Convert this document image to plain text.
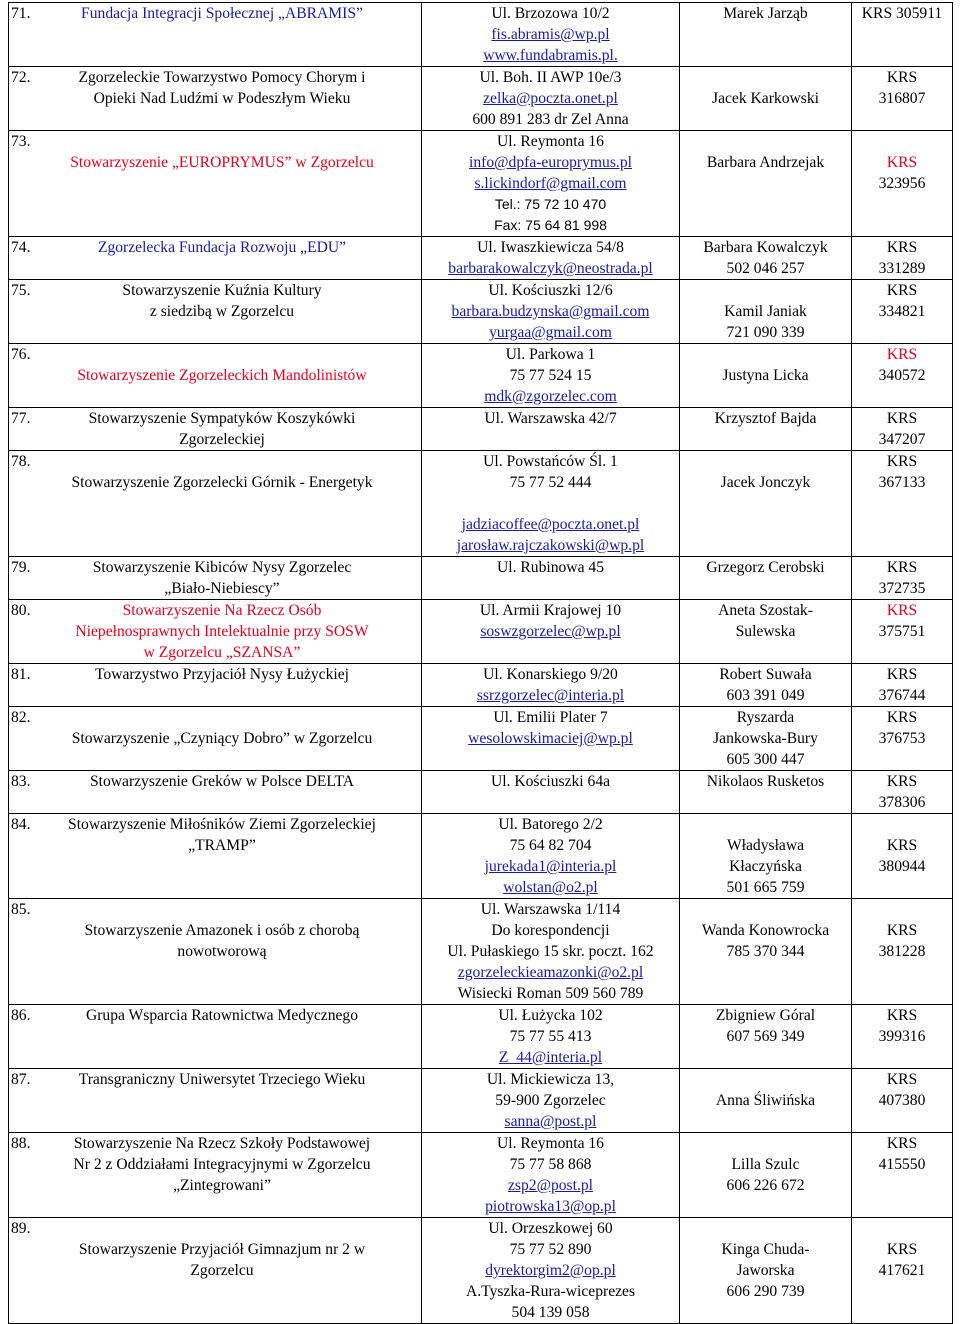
71. Fundacja Integracji Społecznej „ABRAMIS”	Ul. Brzozowa 10/2
fis.abramis@wp.pl
www.fundabramis.pl.	Marek Jarząb	KRS 305911

72. Zgorzeleckie Towarzystwo Pomocy Chorym i
Opieki Nad Ludźmi w Podeszłym Wieku	Ul. Boh. II AWP 10e/3
zelka@poczta.onet.pl
600 891 283 dr Zel Anna	Jacek Karkowski	KRS
316807

73.
Stowarzyszenie „EUROPRYMUS” w Zgorzelcu	Ul. Reymonta 16
info@dpfa-europrymus.pl
s.lickindorf@gmail.com
Tel.: 75 72 10 470
Fax: 75 64 81 998	Barbara Andrzejak	KRS
323956

74. Zgorzelecka Fundacja Rozwoju „EDU”	Ul. Iwaszkiewicza 54/8
barbarakowalczyk@neostrada.pl	Barbara Kowalczyk
502 046 257	KRS
331289

75. Stowarzyszenie Kuźnia Kultury
z siedzibą w Zgorzelcu	Ul. Kościuszki 12/6
barbara.budzynska@gmail.com
yurgaa@gmail.com	Kamil Janiak
721 090 339	KRS
334821

76.
Stowarzyszenie Zgorzeleckich Mandolinistów	Ul. Parkowa 1
75 77 524 15
mdk@zgorzelec.com	Justyna Licka	KRS
340572

77. Stowarzyszenie Sympatyków Koszykówki
Zgorzeleckiej	Ul. Warszawska 42/7	Krzysztof Bajda	KRS
347207

78.
Stowarzyszenie Zgorzelecki Górnik - Energetyk	Ul. Powstańców Śl. 1
75 77 52 444
jadziacoffee@poczta.onet.pl
jarosław.rajczakowski@wp.pl	Jacek Jonczyk	KRS
367133

79. Stowarzyszenie Kibiców Nysy Zgorzelec
„Biało-Niebiescy”	Ul. Rubinowa 45	Grzegorz Cerobski	KRS
372735

80. Stowarzyszenie Na Rzecz Osób
Niepełnosprawnych Intelektualnie przy SOSW
w Zgorzelcu „SZANSA”	Ul. Armii Krajowej 10
soswzgorzelec@wp.pl	Aneta Szostak-
Sulewska	KRS
375751

81. Towarzystwo Przyjaciół Nysy Łużyckiej	Ul. Konarskiego 9/20
ssrzgorzelec@interia.pl	Robert Suwała
603 391 049	KRS
376744

82.
Stowarzyszenie „Czyniący Dobro” w Zgorzelcu	Ul. Emilii Plater 7
wesolowskimaciej@wp.pl	Ryszarda
Jankowska-Bury
605 300 447	KRS
376753

83. Stowarzyszenie Greków w Polsce DELTA	Ul. Kościuszki 64a	Nikolaos Rusketos	KRS
378306

84. Stowarzyszenie Miłośników Ziemi Zgorzeleckiej
„TRAMP”	Ul. Batorego 2/2
75 64 82 704
jurekada1@interia.pl
wolstan@o2.pl	Władysława
Kłaczyńska
501 665 759	KRS
380944

85.
Stowarzyszenie Amazonek i osób z chorobą
nowotworową	Ul. Warszawska 1/114
Do korespondencji
Ul. Pułaskiego 15 skr. poczt. 162
zgorzeleckieamazonki@o2.pl
Wisiecki Roman 509 560 789	Wanda Konowrocka
785 370 344	KRS
381228

86. Grupa Wsparcia Ratownictwa Medycznego	Ul. Łużycka 102
75 77 55 413
Z_44@interia.pl	Zbigniew Góral
607 569 349	KRS
399316

87. Transgraniczny Uniwersytet Trzeciego Wieku	Ul. Mickiewicza 13,
59-900 Zgorzelec
sanna@post.pl	Anna Śliwińska	KRS
407380

88. Stowarzyszenie Na Rzecz Szkoły Podstawowej
Nr 2 z Oddziałami Integracyjnymi w Zgorzelcu
„Zintegrowani”	Ul. Reymonta 16
75 77 58 868
zsp2@post.pl
piotrowska13@op.pl	Lilla Szulc
606 226 672	KRS
415550

89.
Stowarzyszenie Przyjaciół Gimnazjum nr 2 w
Zgorzelcu	Ul. Orzeszkowej 60
75 77 52 890
dyrektorgim2@op.pl
A.Tyszka-Rura-wiceprezes
504 139 058	Kinga Chuda-
Jaworska
606 290 739	KRS
417621
